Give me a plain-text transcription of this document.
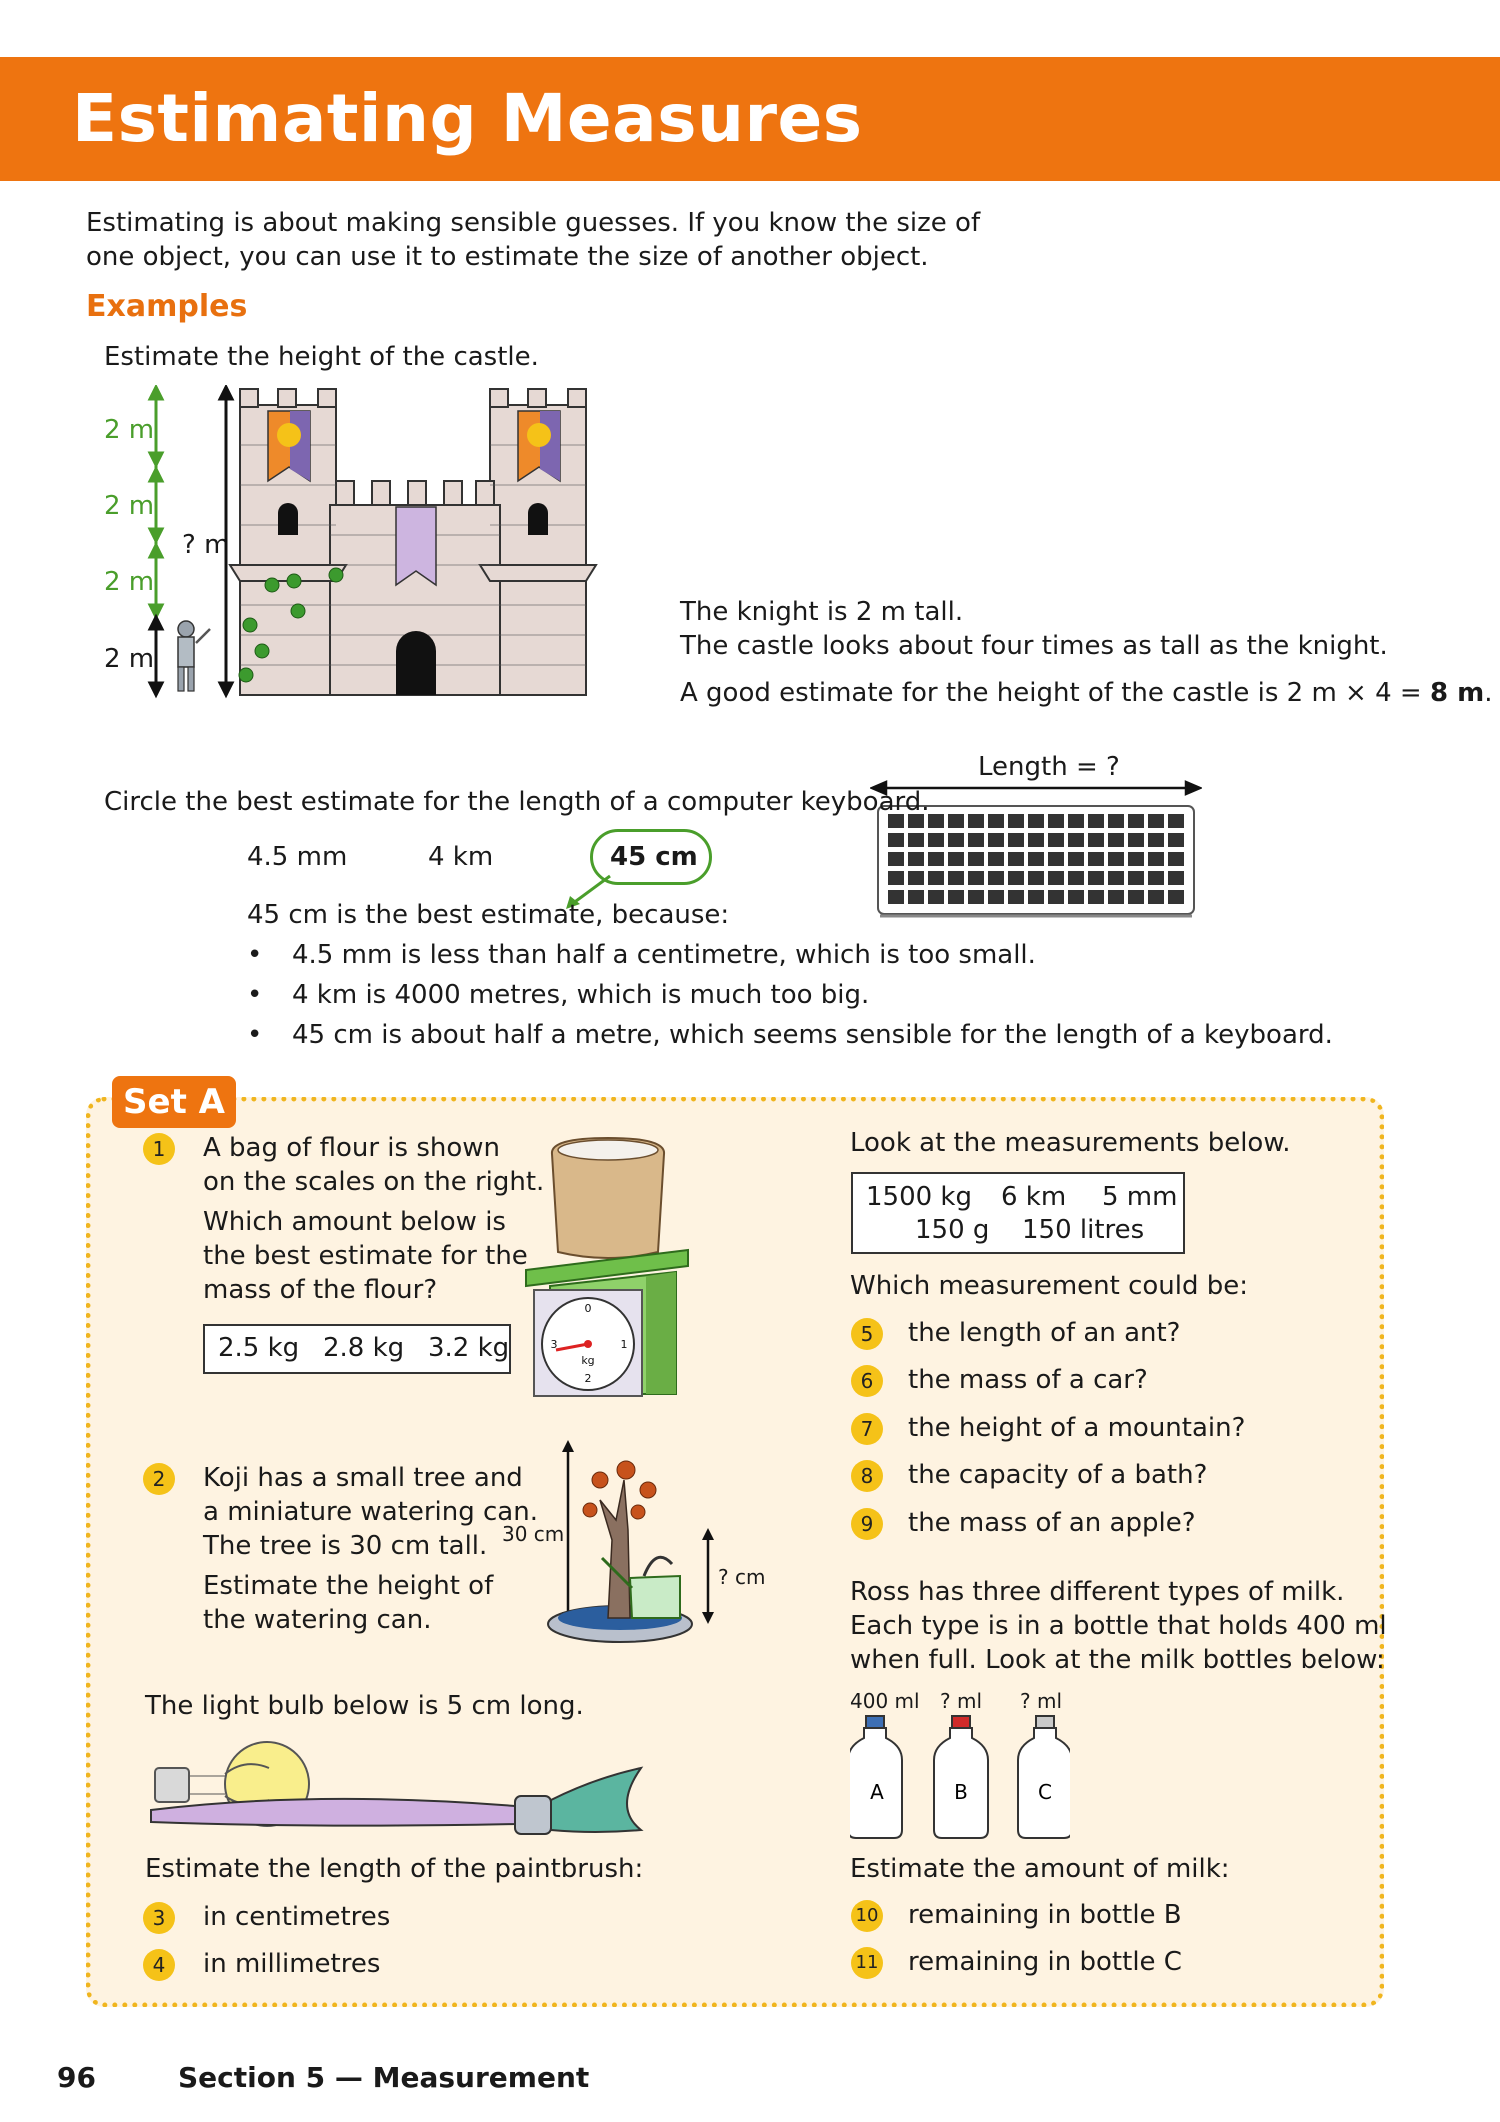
Estimating Measures
Estimating is about making sensible guesses. If you know the size of
one object, you can use it to estimate the size of another object.
Examples
Estimate the height of the castle.
2 m
2 m
2 m
2 m
? m
The knight is 2 m tall.
The castle looks about four times as tall as the knight.
A good estimate for the height of the castle is 2 m × 4 = 8 m.
Length = ?
Circle the best estimate for the length of a computer keyboard.
4.5 mm	4 km	45 cm
45 cm is the best estimate, because:
• 4.5 mm is less than half a centimetre, which is too small.
• 4 km is 4000 metres, which is much too big.
• 45 cm is about half a metre, which seems sensible for the length of a keyboard.
Set A
1	A bag of flour is shown
on the scales on the right.
Which amount below is
the best estimate for the
mass of the flour?
2.5 kg 2.8 kg 3.2 kg
0
1
2
3
kg
2	Koji has a small tree and
a miniature watering can.
The tree is 30 cm tall.
Estimate the height of
the watering can.
30 cm
? cm
The light bulb below is 5 cm long.
Estimate the length of the paintbrush:
3	in centimetres
4	in millimetres
Look at the measurements below.
1500 kg 6 km 5 mm
150 g 150 litres
Which measurement could be:
5	the length of an ant?
6	the mass of a car?
7	the height of a mountain?
8	the capacity of a bath?
9	the mass of an apple?
Ross has three different types of milk.
Each type is in a bottle that holds 400 ml
when full. Look at the milk bottles below:
400 ml ? ml ? ml
A	B	C
Estimate the amount of milk:
10 remaining in bottle B
11 remaining in bottle C
96	Section 5 — Measurement
